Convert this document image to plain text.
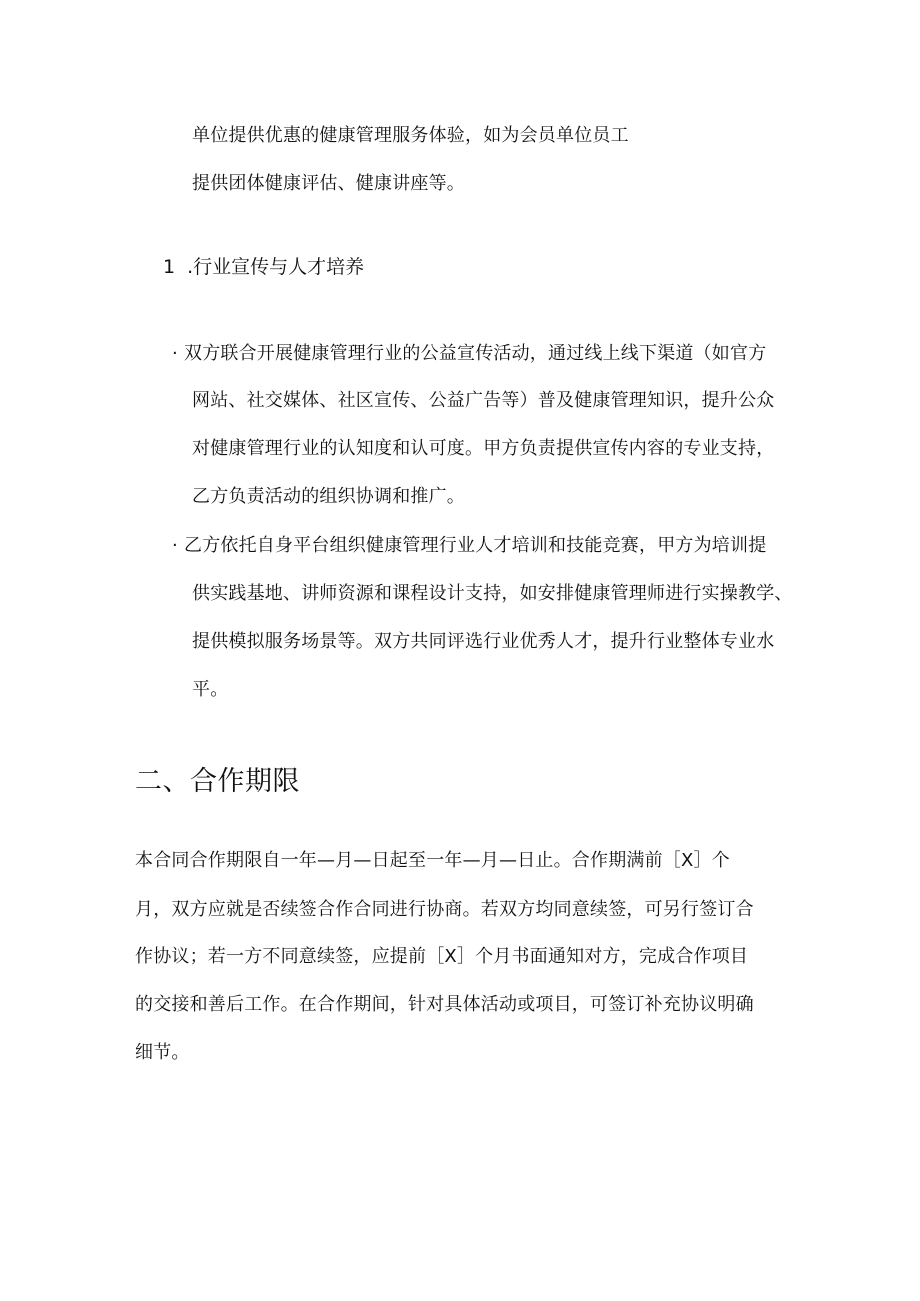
单位提供优惠的健康管理服务体验，如为会员单位员工
提供团体健康评估、健康讲座等。
1 .行业宣传与人才培养
· 双方联合开展健康管理行业的公益宣传活动，通过线上线下渠道（如官方
网站、社交媒体、社区宣传、公益广告等）普及健康管理知识，提升公众
对健康管理行业的认知度和认可度。甲方负责提供宣传内容的专业支持，
乙方负责活动的组织协调和推广。
· 乙方依托自身平台组织健康管理行业人才培训和技能竞赛，甲方为培训提
供实践基地、讲师资源和课程设计支持，如安排健康管理师进行实操教学、
提供模拟服务场景等。双方共同评选行业优秀人才，提升行业整体专业水
平。
二、合作期限
本合同合作期限自一年—月—日起至一年—月—日止。合作期满前［X］个
月，双方应就是否续签合作合同进行协商。若双方均同意续签，可另行签订合
作协议；若一方不同意续签，应提前［X］个月书面通知对方，完成合作项目
的交接和善后工作。在合作期间，针对具体活动或项目，可签订补充协议明确
细节。
